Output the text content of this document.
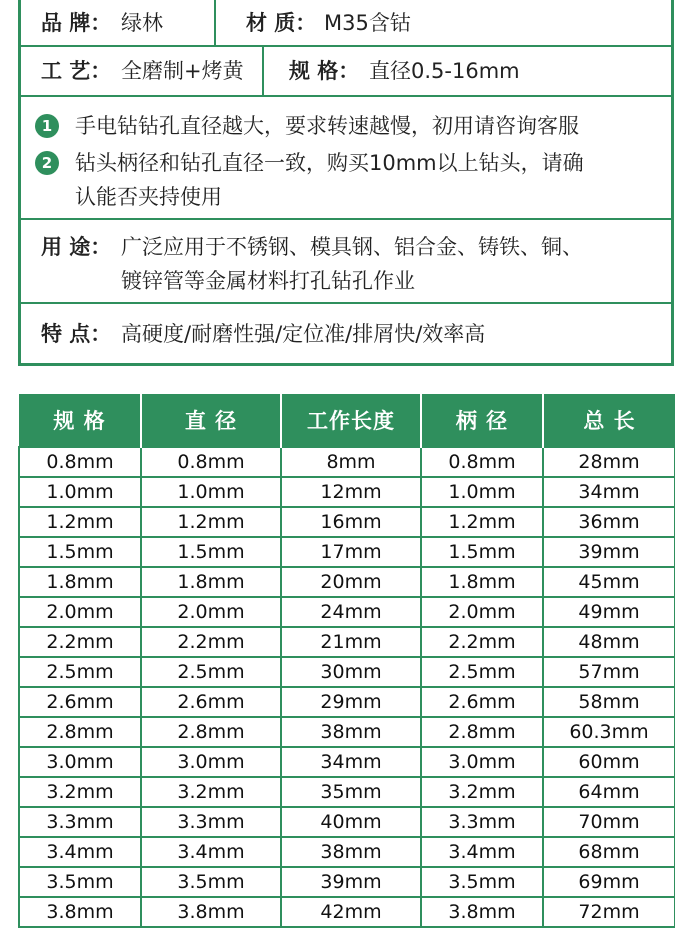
品 牌： 绿林	材 质： M35含钴
工 艺： 全磨制+烤黄 规 格： 直径0.5-16mm
1	手电钻钻孔直径越大，要求转速越慢，初用请咨询客服
2	钻头柄径和钻孔直径一致，购买10mm以上钻头，请确
认能否夹持使用
用 途： 广泛应用于不锈钢、模具钢、铝合金、铸铁、铜、
镀锌管等金属材料打孔钻孔作业
特 点： 高硬度/耐磨性强/定位准/排屑快/效率高
规 格	直 径	工作长度	柄 径	总 长
0.8mm	0.8mm	8mm	0.8mm	28mm
1.0mm	1.0mm	12mm	1.0mm	34mm
1.2mm	1.2mm	16mm	1.2mm	36mm
1.5mm	1.5mm	17mm	1.5mm	39mm
1.8mm	1.8mm	20mm	1.8mm	45mm
2.0mm	2.0mm	24mm	2.0mm	49mm
2.2mm	2.2mm	21mm	2.2mm	48mm
2.5mm	2.5mm	30mm	2.5mm	57mm
2.6mm	2.6mm	29mm	2.6mm	58mm
2.8mm	2.8mm	38mm	2.8mm	60.3mm
3.0mm	3.0mm	34mm	3.0mm	60mm
3.2mm	3.2mm	35mm	3.2mm	64mm
3.3mm	3.3mm	40mm	3.3mm	70mm
3.4mm	3.4mm	38mm	3.4mm	68mm
3.5mm	3.5mm	39mm	3.5mm	69mm
3.8mm	3.8mm	42mm	3.8mm	72mm
